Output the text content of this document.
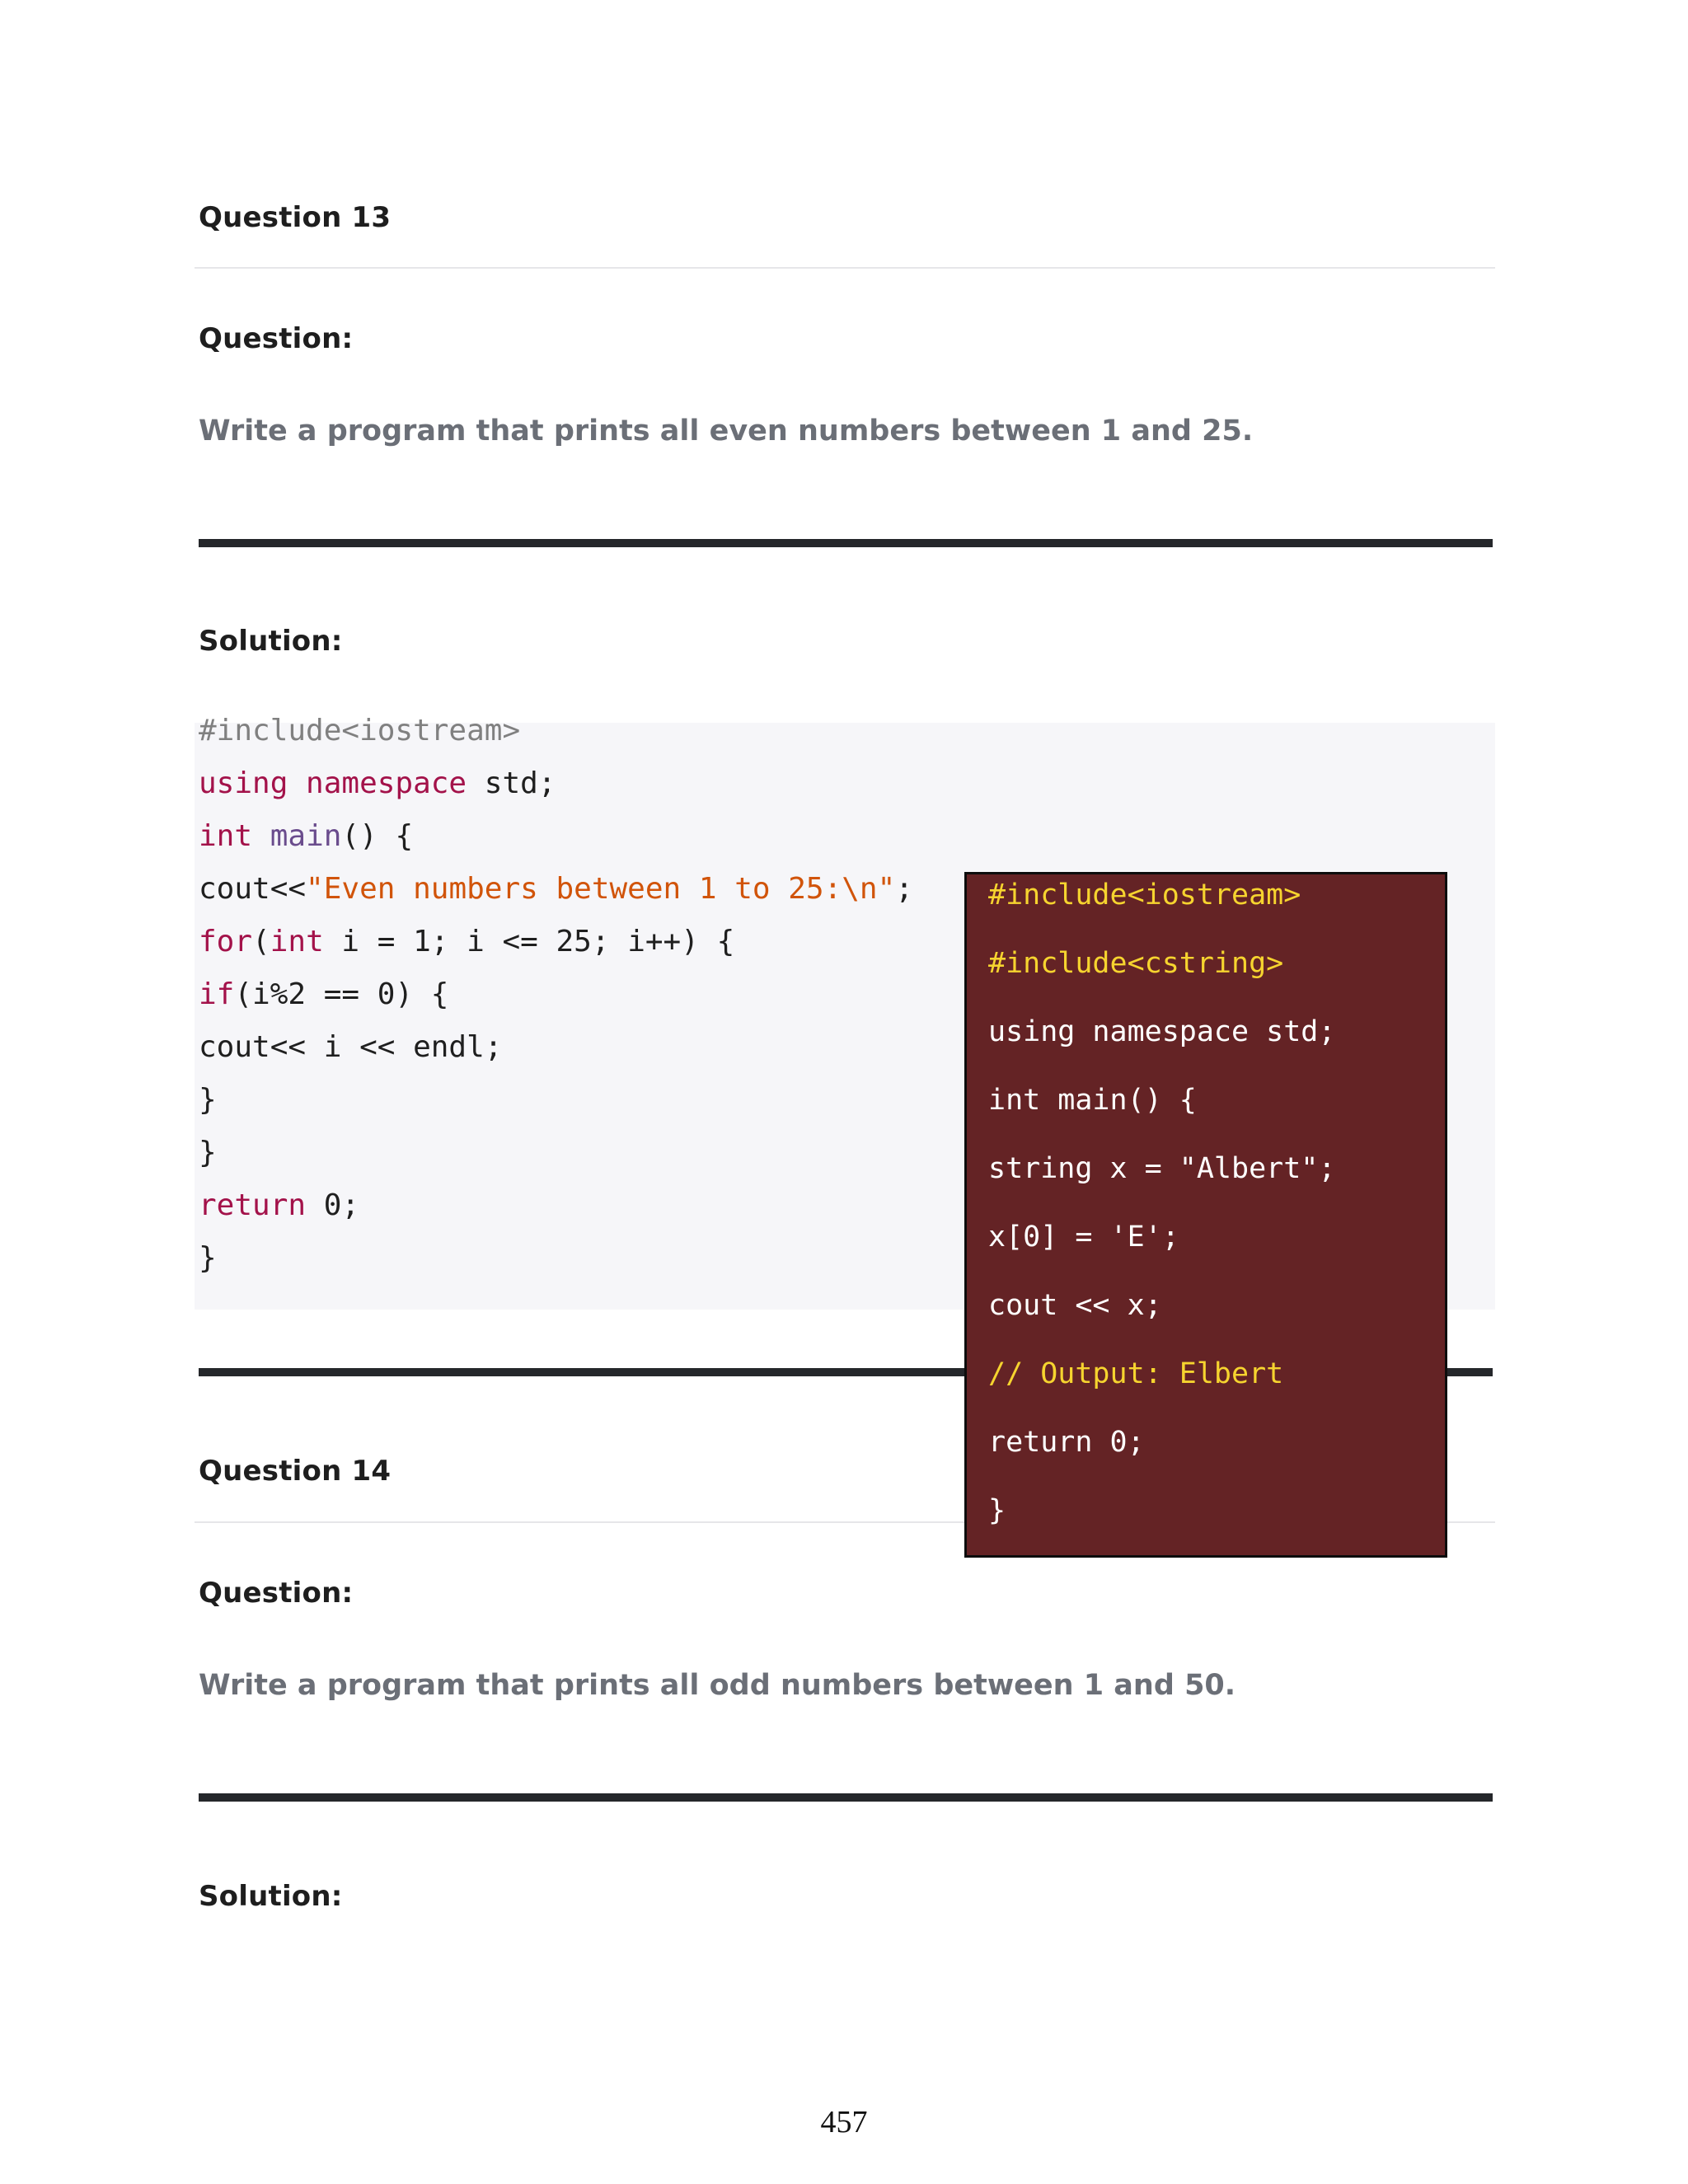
Question 13
Question:
Write a program that prints all even numbers between 1 and 25.
Solution:
#include<iostream>
using namespace std;
int main() {
cout<<"Even numbers between 1 to 25:\n";
for(int i = 1; i <= 25; i++) {
if(i%2 == 0) {
cout<< i << endl;
}
}
return 0;
}
Question 14
Question:
Write a program that prints all odd numbers between 1 and 50.
Solution:
#include<iostream>
#include<cstring>
using namespace std;
int main() {
string x = "Albert";
x[0] = 'E';
cout << x;
// Output: Elbert
return 0;
}
457
